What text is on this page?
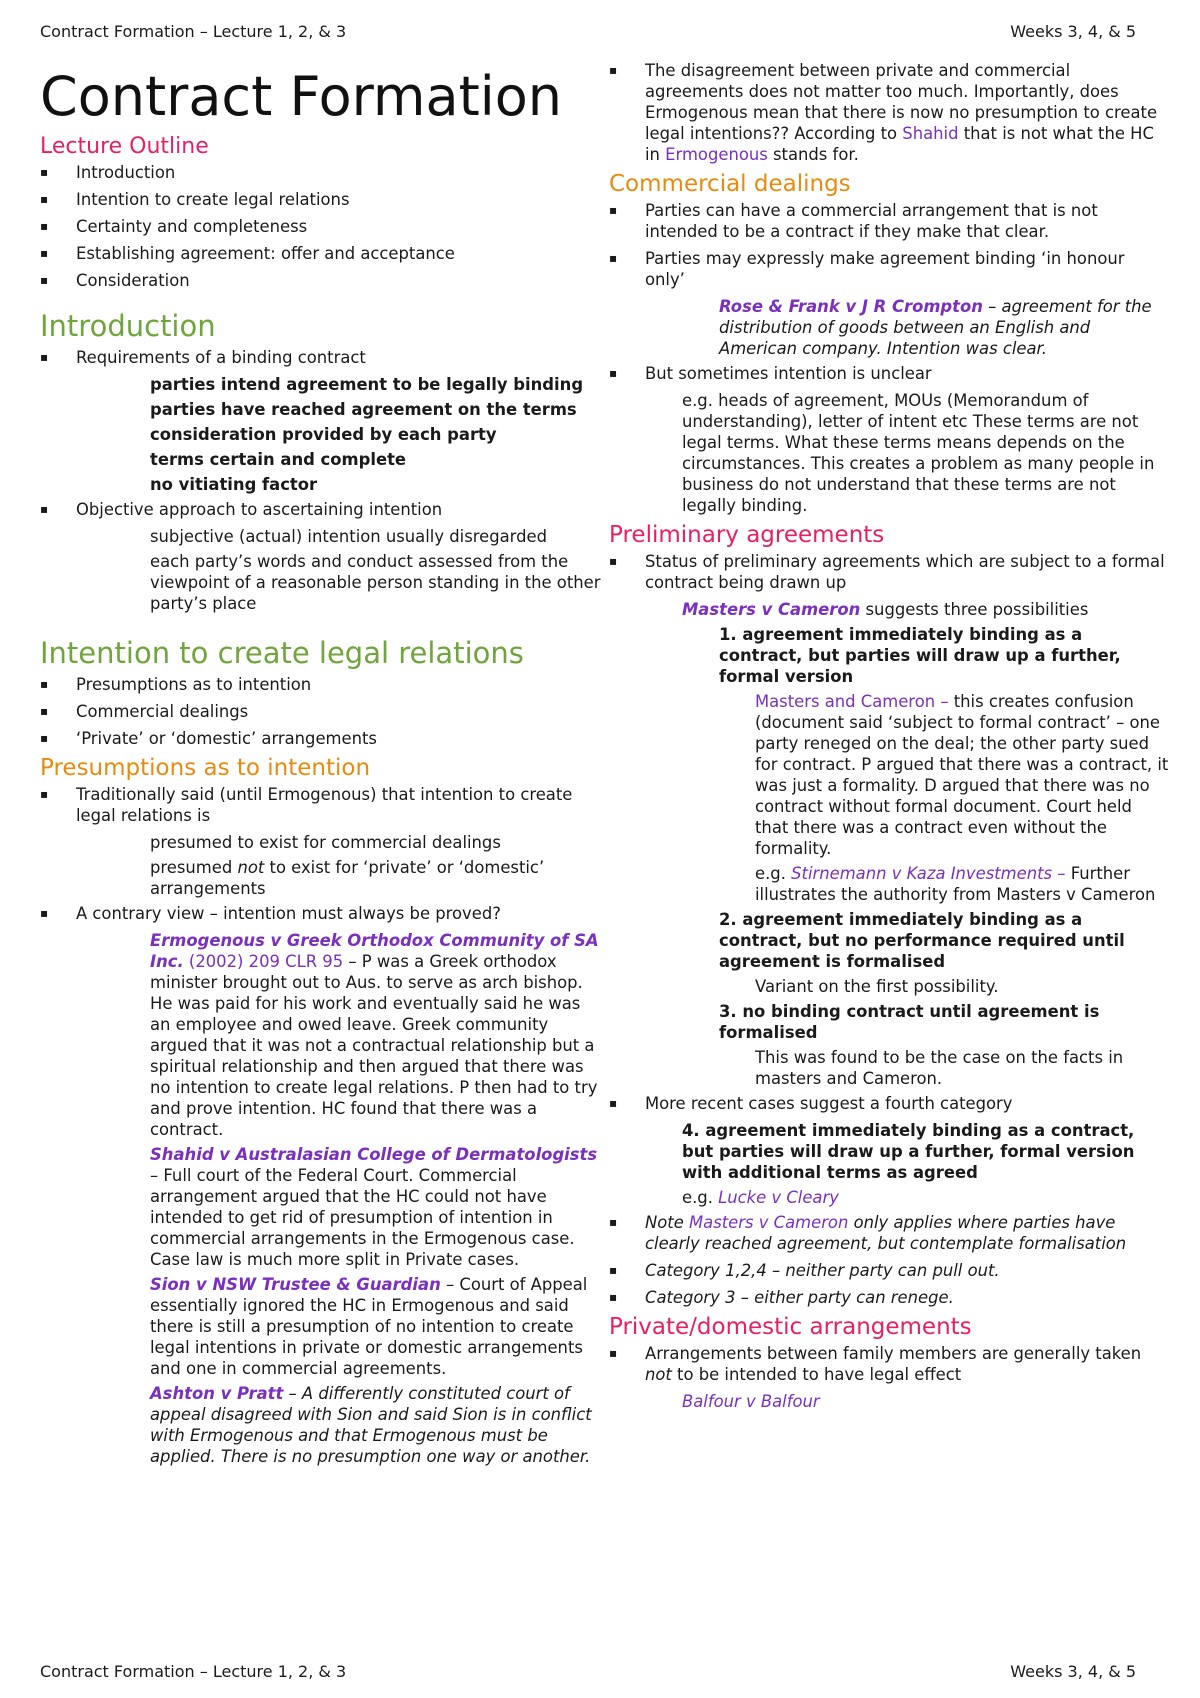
Contract Formation – Lecture 1, 2, & 3	Weeks 3, 4, & 5
Contract Formation
Lecture Outline
▪ Introduction
▪ Intention to create legal relations
▪ Certainty and completeness
▪ Establishing agreement: offer and acceptance
▪ Consideration
Introduction
▪ Requirements of a binding contract

parties intend agreement to be legally binding

parties have reached agreement on the terms

consideration provided by each party

terms certain and complete

no vitiating factor

▪ Objective approach to ascertaining intention

subjective (actual) intention usually disregarded

each party’s words and conduct assessed from the viewpoint of a reasonable person standing in the other party’s place

Intention to create legal relations
▪ Presumptions as to intention
▪ Commercial dealings
▪ ‘Private’ or ‘domestic’ arrangements
Presumptions as to intention
▪ Traditionally said (until Ermogenous) that intention to create legal relations is

presumed to exist for commercial dealings

presumed not to exist for ‘private’ or ‘domestic’ arrangements

▪ A contrary view – intention must always be proved?

Ermogenous v Greek Orthodox Community of SA Inc. (2002) 209 CLR 95 – P was a Greek orthodox minister brought out to Aus. to serve as arch bishop. He was paid for his work and eventually said he was an employee and owed leave. Greek community argued that it was not a contractual relationship but a spiritual relationship and then argued that there was no intention to create legal relations. P then had to try and prove intention. HC found that there was a contract.

Shahid v Australasian College of Dermatologists – Full court of the Federal Court. Commercial arrangement argued that the HC could not have intended to get rid of presumption of intention in commercial arrangements in the Ermogenous case. Case law is much more split in Private cases.

Sion v NSW Trustee & Guardian – Court of Appeal essentially ignored the HC in Ermogenous and said there is still a presumption of no intention to create legal intentions in private or domestic arrangements and one in commercial agreements.

Ashton v Pratt – A differently constituted court of appeal disagreed with Sion and said Sion is in conflict with Ermogenous and that Ermogenous must be applied. There is no presumption one way or another.

▪ The disagreement between private and commercial agreements does not matter too much. Importantly, does Ermogenous mean that there is now no presumption to create legal intentions?? According to Shahid that is not what the HC in Ermogenous stands for.
Commercial dealings
▪ Parties can have a commercial arrangement that is not intended to be a contract if they make that clear.
▪ Parties may expressly make agreement binding ‘in honour only’

Rose & Frank v J R Crompton – agreement for the distribution of goods between an English and American company. Intention was clear.

▪ But sometimes intention is unclear

e.g. heads of agreement, MOUs (Memorandum of understanding), letter of intent etc These terms are not legal terms. What these terms means depends on the circumstances. This creates a problem as many people in business do not understand that these terms are not legally binding.

Preliminary agreements
▪ Status of preliminary agreements which are subject to a formal contract being drawn up

Masters v Cameron suggests three possibilities

1. agreement immediately binding as a contract, but parties will draw up a further, formal version

Masters and Cameron – this creates confusion (document said ‘subject to formal contract’ – one party reneged on the deal; the other party sued for contract. P argued that there was a contract, it was just a formality. D argued that there was no contract without formal document. Court held that there was a contract even without the formality.

e.g. Stirnemann v Kaza Investments – Further illustrates the authority from Masters v Cameron

2. agreement immediately binding as a contract, but no performance required until agreement is formalised

Variant on the first possibility.

3. no binding contract until agreement is formalised

This was found to be the case on the facts in masters and Cameron.

▪ More recent cases suggest a fourth category

4. agreement immediately binding as a contract, but parties will draw up a further, formal version with additional terms as agreed

e.g. Lucke v Cleary

▪ Note Masters v Cameron only applies where parties have clearly reached agreement, but contemplate formalisation
▪ Category 1,2,4 – neither party can pull out.
▪ Category 3 – either party can renege.
Private/domestic arrangements
▪ Arrangements between family members are generally taken not to be intended to have legal effect

Balfour v Balfour

Contract Formation – Lecture 1, 2, & 3	Weeks 3, 4, & 5
